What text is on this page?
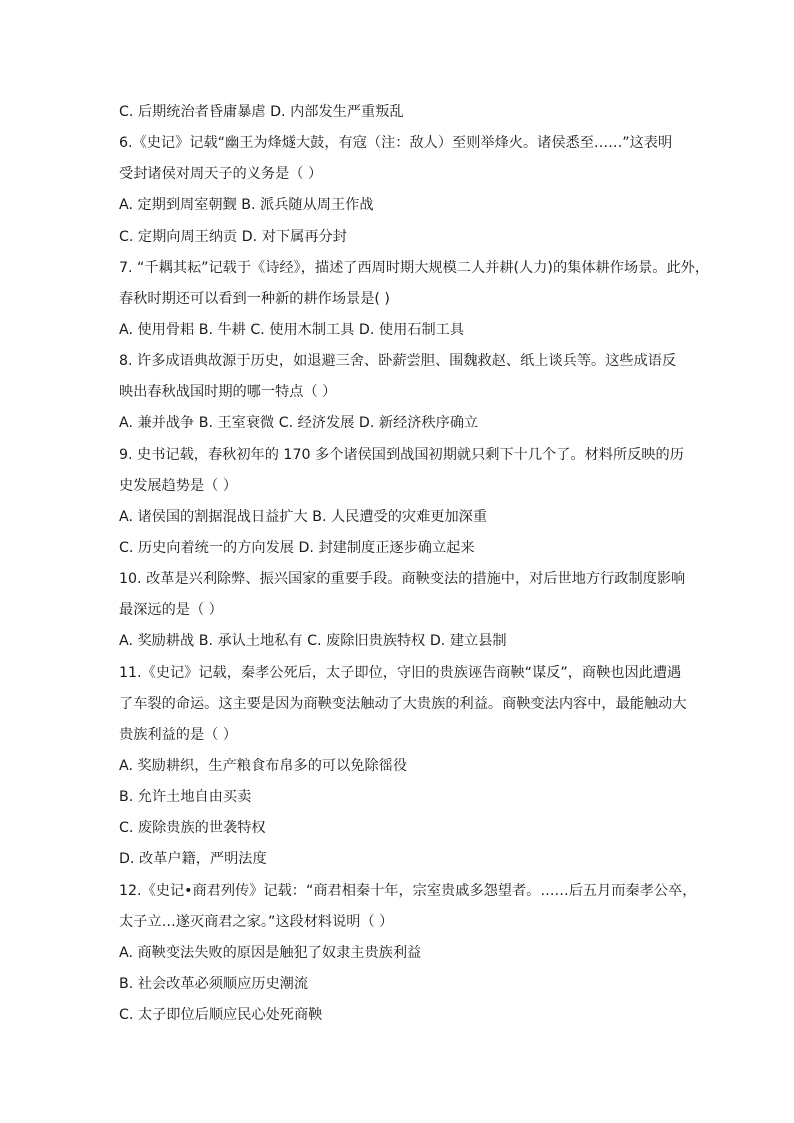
C. 后期统治者昏庸暴虐 D. 内部发生严重叛乱
6.《史记》记载“幽王为烽燧大鼓，有寇（注：敌人）至则举烽火。诸侯悉至……”这表明
受封诸侯对周天子的义务是（ ）
A. 定期到周室朝觐 B. 派兵随从周王作战
C. 定期向周王纳贡 D. 对下属再分封
7. “千耦其耘”记载于《诗经》，描述了西周时期大规模二人并耕(人力)的集体耕作场景。此外，
春秋时期还可以看到一种新的耕作场景是( )
A. 使用骨耜 B. 牛耕 C. 使用木制工具 D. 使用石制工具
8. 许多成语典故源于历史，如退避三舍、卧薪尝胆、围魏救赵、纸上谈兵等。这些成语反
映出春秋战国时期的哪一特点（ ）
A. 兼并战争 B. 王室衰微 C. 经济发展 D. 新经济秩序确立
9. 史书记载，春秋初年的 170 多个诸侯国到战国初期就只剩下十几个了。材料所反映的历
史发展趋势是（ ）
A. 诸侯国的割据混战日益扩大 B. 人民遭受的灾难更加深重
C. 历史向着统一的方向发展 D. 封建制度正逐步确立起来
10. 改革是兴利除弊、振兴国家的重要手段。商鞅变法的措施中，对后世地方行政制度影响
最深远的是（ ）
A. 奖励耕战 B. 承认土地私有 C. 废除旧贵族特权 D. 建立县制
11.《史记》记载，秦孝公死后，太子即位，守旧的贵族诬告商鞅“谋反”，商鞅也因此遭遇
了车裂的命运。这主要是因为商鞅变法触动了大贵族的利益。商鞅变法内容中，最能触动大
贵族利益的是（ ）
A. 奖励耕织，生产粮食布帛多的可以免除徭役
B. 允许土地自由买卖
C. 废除贵族的世袭特权
D. 改革户籍，严明法度
12.《史记•商君列传》记载：“商君相秦十年，宗室贵戚多怨望者。……后五月而秦孝公卒，
太子立…遂灭商君之家。”这段材料说明（ ）
A. 商鞅变法失败的原因是触犯了奴隶主贵族利益
B. 社会改革必须顺应历史潮流
C. 太子即位后顺应民心处死商鞅
